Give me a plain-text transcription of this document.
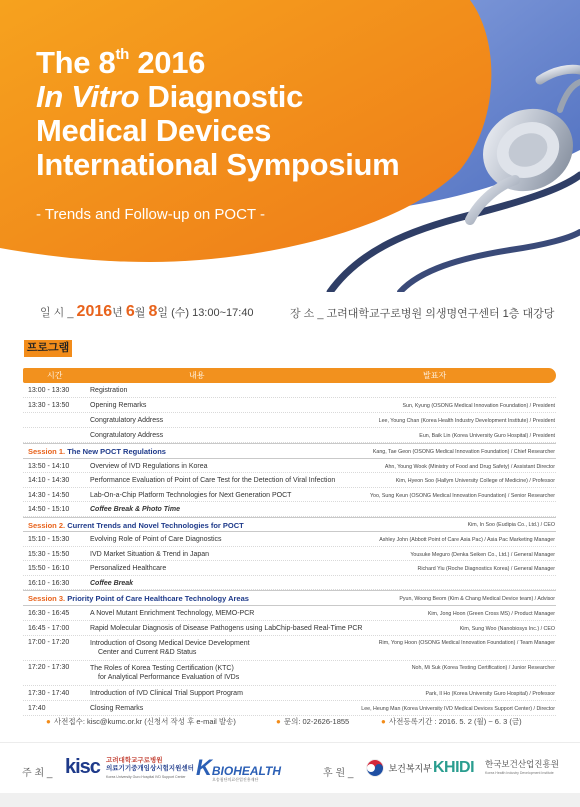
The 8th 2016
In Vitro Diagnostic
Medical Devices
International Symposium
- Trends and Follow-up on POCT -
일 시 _ 2016년 6월 8일 (수) 13:00~17:40	장 소 _ 고려대학교구로병원 의생명연구센터 1층 대강당
프로그램
시간	내용	발표자
13:00 - 13:30	Registration
13:30 - 13:50	Opening Remarks	Sun, Kyung (OSONG Medical Innovation Foundation) / President
Congratulatory Address	Lee, Young Chan (Korea Health Industry Development Institute) / President
Congratulatory Address	Eun, Baik Lin (Korea University Guro Hospital) / President
Session 1. The New POCT Regulations	Kang, Tae Geon (OSONG Medical Innovation Foundation) / Chief Researcher
13:50 - 14:10	Overview of IVD Regulations in Korea	Ahn, Young Wook (Ministry of Food and Drug Safety) / Assistant Director
14:10 - 14:30	Performance Evaluation of Point of Care Test for the Detection of Viral Infection	Kim, Hyeon Soo (Hallym University College of Medicine) / Professor
14:30 - 14:50	Lab-On-a-Chip Platform Technologies for Next Generation POCT	Yoo, Sung Keun (OSONG Medical Innovation Foundation) / Senior Researcher
14:50 - 15:10	Coffee Break & Photo Time
Session 2. Current Trends and Novel Technologies for POCT	Kim, In Soo (Eudipia Co., Ltd.) / CEO
15:10 - 15:30	Evolving Role of Point of Care Diagnostics	Ashley John (Abbott Point of Care Asia Pac) / Asia Pac Marketing Manager
15:30 - 15:50	IVD Market Situation & Trend in Japan	Yousuke Meguro (Denka Seiken Co., Ltd.) / General Manager
15:50 - 16:10	Personalized Healthcare	Richard Yiu (Roche Diagnostics Korea) / General Manager
16:10 - 16:30	Coffee Break
Session 3. Priority Point of Care Healthcare Technology Areas	Pyun, Woong Beom (Kim & Chang Medical Device team) / Advisor
16:30 - 16:45	A Novel Mutant Enrichment Technology, MEMO-PCR	Kim, Jong Hoon (Green Cross MS) / Product Manager
16:45 - 17:00	Rapid Molecular Diagnosis of Disease Pathogens using LabChip-based Real-Time PCR	Kim, Sung Woo (Nanobiosys Inc.) / CEO
17:00 - 17:20	Introduction of Osong Medical Device Development
Center and Current R&D Status
Rim, Yong Hoon (OSONG Medical Innovation Foundation) / Team Manager
17:20 - 17:30	The Roles of Korea Testing Certification (KTC)
for Analytical Performance Evaluation of IVDs
Noh, Mi Suk (Korea Testing Certification) / Junior Researcher
17:30 - 17:40	Introduction of IVD Clinical Trial Support Program	Park, Il Ho (Korea University Guro Hospital) / Professor
17:40	Closing Remarks	Lee, Heung Man (Korea University IVD Medical Devices Support Center) / Director
● 사전접수: kisc@kumc.or.kr (신청서 작성 후 e-mail 발송)	● 문의: 02-2626-1855	● 사전등록기간 : 2016. 5. 2 (월) ~ 6. 3 (금)
주 최 _ kisc 고려대학교구로병원
의료기기중개임상시험지원센터
Korea University Guro Hospital IVD Support Center KBIOHEALTH
오송첨단의료산업진흥재단
후 원 _	보건복지부 KHIDI 한국보건산업진흥원
Korea Health Industry Development Institute
